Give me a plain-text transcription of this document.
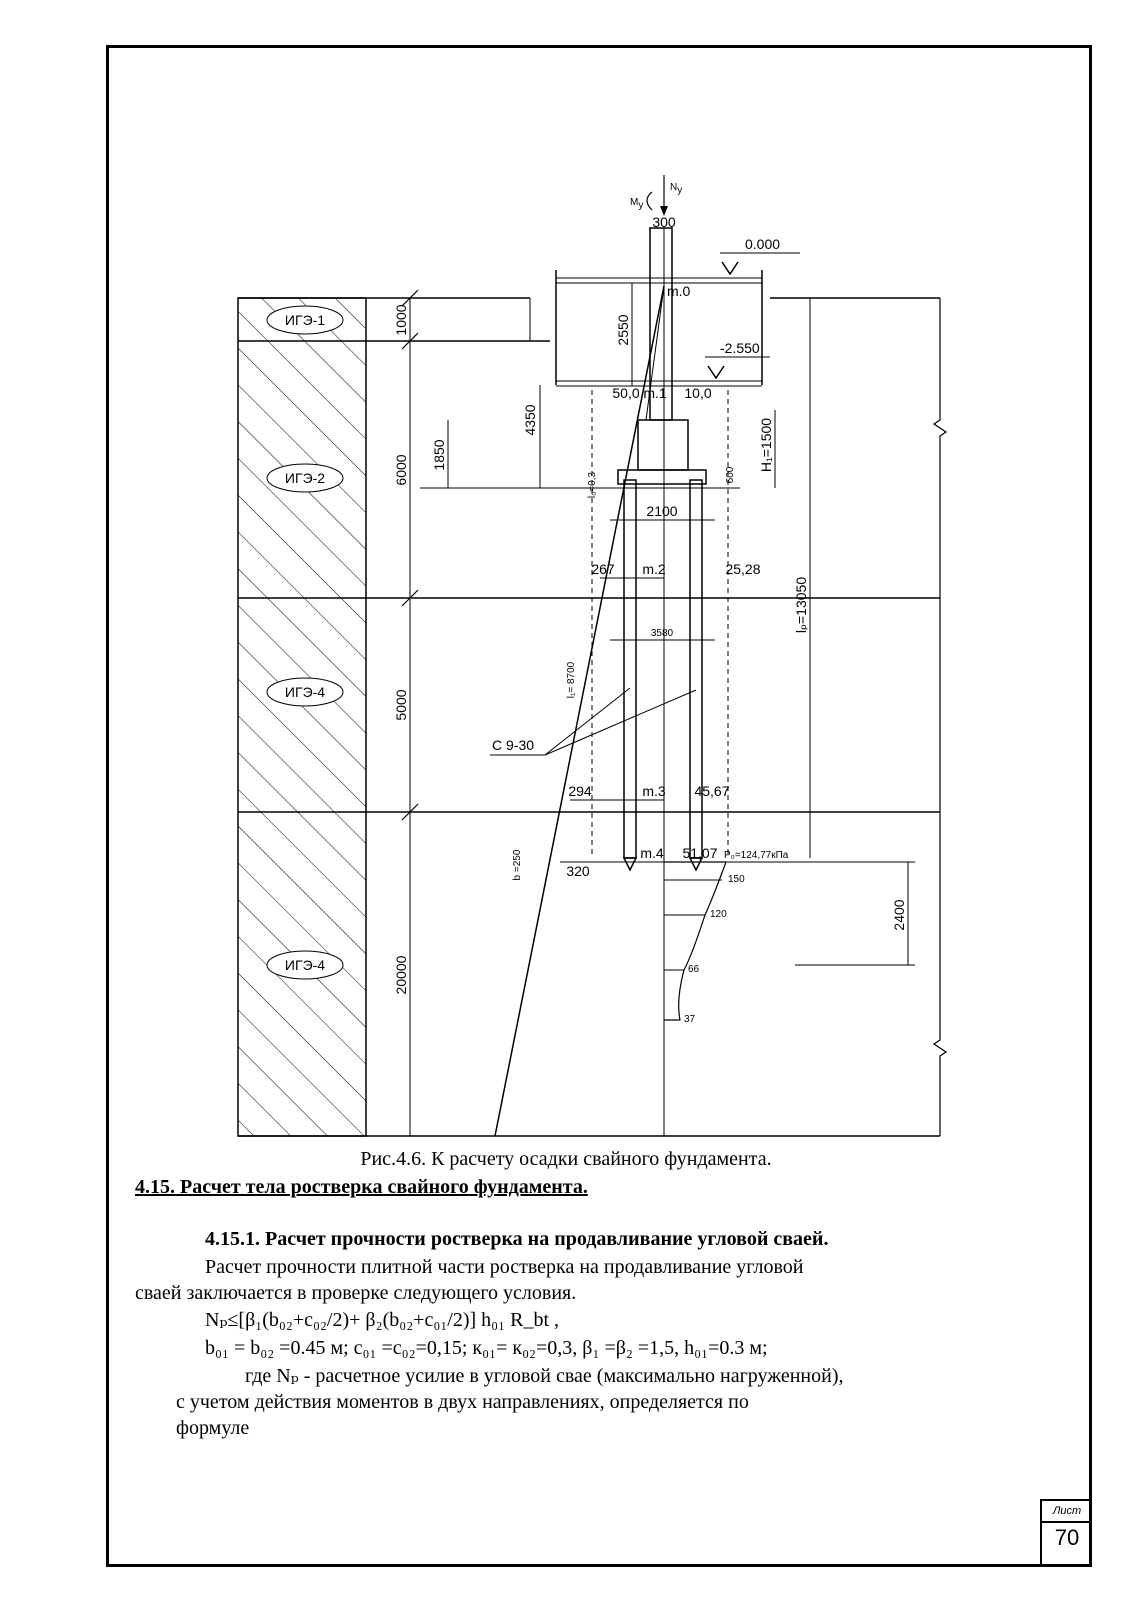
ИГЭ-1
ИГЭ-2
ИГЭ-4
ИГЭ-4
1000
6000
5000
20000
My
Ny
300
0.000
-2.550
2550
4350
1850
l₀=0,3	600
H₁=1500
2100
3580
lₚ=13050
l₁= 8700
m.0
m.1
50,0	10,0
m.2
267	25,28
m.3
294	45,67
m.4
320
51,07 P₀=124,77кПа
b =250
С 9-30
150
120
66
37
2400
Рис.4.6. К расчету осадки свайного фундамента.
4.15. Расчет тела ростверка свайного фундамента.
4.15.1. Расчет прочности ростверка на продавливание угловой сваей.
Расчет прочности плитной части ростверка на продавливание угловой
сваей заключается в проверке следующего условия.
Nₚ≤[β₁(b₀₂+c₀₂/2)+ β₂(b₀₂+c₀₁/2)] h₀₁ R_bt ,
b₀₁ = b₀₂ =0.45 м; c₀₁ =c₀₂=0,15; к₀₁= к₀₂=0,3, β₁ =β₂ =1,5, h₀₁=0.3 м;
где Nₚ - расчетное усилие в угловой свае (максимально нагруженной),
с учетом действия моментов в двух направлениях, определяется по
формуле
Лист
70
